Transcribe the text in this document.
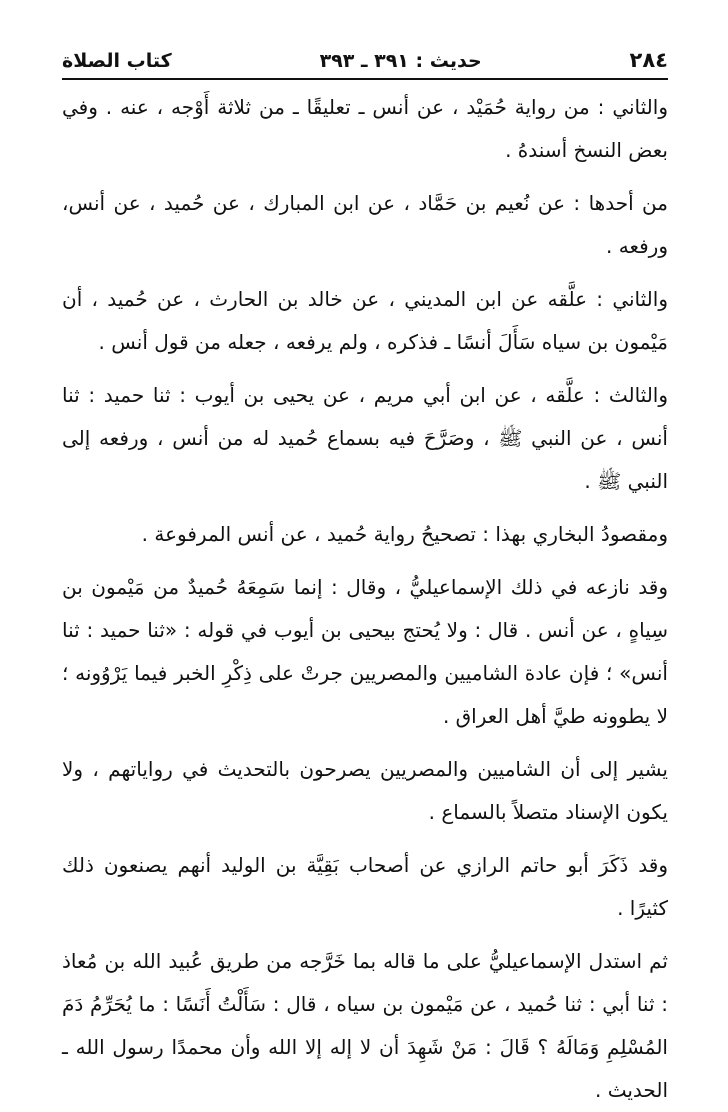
٢٨٤
حديث : ٣٩١ ـ ٣٩٣
كتاب الصلاة

والثاني : من رواية حُمَيْد ، عن أنس ـ تعليقًا ـ من ثلاثة أَوْجه ، عنه . وفي بعض النسخ أسندهُ .

من أحدها : عن نُعيم بن حَمَّاد ، عن ابن المبارك ، عن حُميد ، عن أنس، ورفعه .

والثاني : علَّقه عن ابن المديني ، عن خالد بن الحارث ، عن حُميد ، أن مَيْمون بن سياه سَأَلَ أنسًا ـ فذكره ، ولم يرفعه ، جعله من قول أنس .

والثالث : علَّقه ، عن ابن أبي مريم ، عن يحيى بن أيوب : ثنا حميد : ثنا أنس ، عن النبي ﷺ ، وصَرَّحَ فيه بسماع حُميد له من أنس ، ورفعه إلى النبي ﷺ .

ومقصودُ البخاري بهذا : تصحيحُ رواية حُميد ، عن أنس المرفوعة .

وقد نازعه في ذلك الإسماعيليُّ ، وقال : إنما سَمِعَهُ حُميدٌ من مَيْمون بن سِياهٍ ، عن أنس . قال : ولا يُحتج بيحيى بن أيوب في قوله : «ثنا حميد : ثنا أنس» ؛ فإن عادة الشاميين والمصريين جرتْ على ذِكْرِ الخبر فيما يَرْوُونه ؛ لا يطوونه طيَّ أهل العراق .

يشير إلى أن الشاميين والمصريين يصرحون بالتحديث في رواياتهم ، ولا يكون الإسناد متصلاً بالسماع .

وقد ذَكَرَ أبو حاتم الرازي عن أصحاب بَقِيَّة بن الوليد أنهم يصنعون ذلك كثيرًا .

ثم استدل الإسماعيليُّ على ما قاله بما خَرَّجه من طريق عُبيد الله بن مُعاذ : ثنا أبي : ثنا حُميد ، عن مَيْمون بن سياه ، قال : سَأَلْتُ أَنَسًا : ما يُحَرِّمُ دَمَ المُسْلِمِ وَمَالَهُ ؟ قَالَ : مَنْ شَهِدَ أن لا إله إلا الله وأن محمدًا رسول الله ـ الحديث .
